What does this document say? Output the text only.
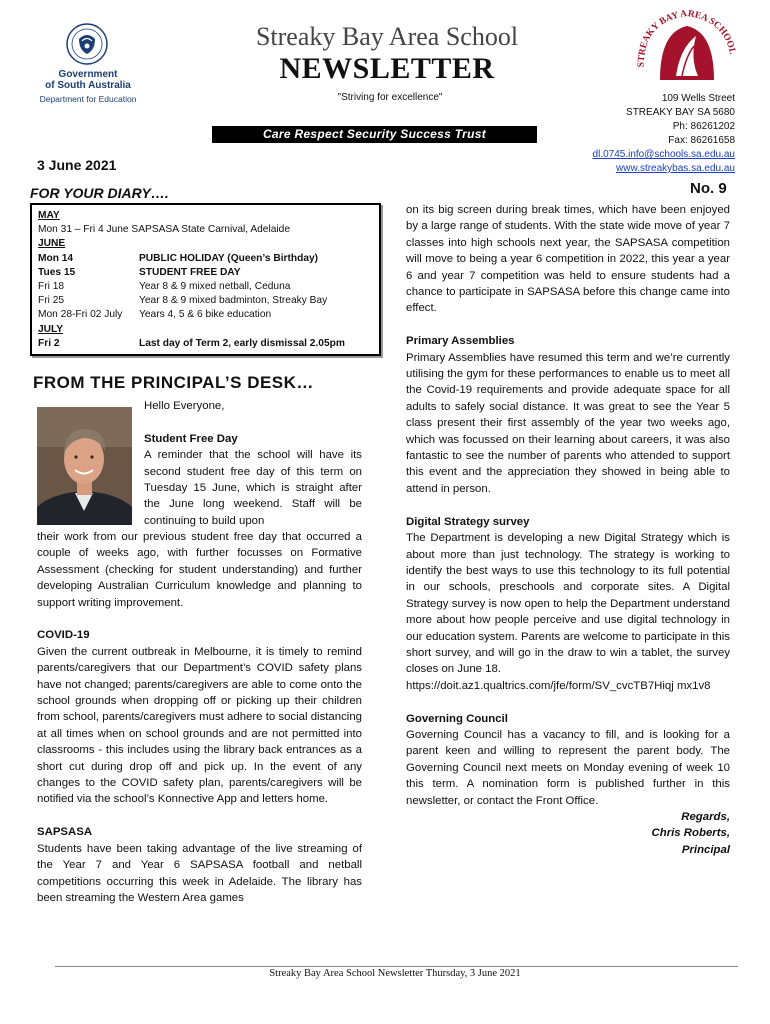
Government
of South Australia
Department for Education
Streaky Bay Area School
NEWSLETTER
"Striving for excellence"
STREAKY BAY AREA SCHOOL
Care Respect Security Success Trust
109 Wells Street
STREAKY BAY SA 5680
Ph: 86261202
Fax: 86261658
dl.0745.info@schools.sa.edu.au
www.streakybas.sa.edu.au
3 June 2021
No. 9
FOR YOUR DIARY….
MAY
Mon 31 – Fri 4 June SAPSASA State Carnival, Adelaide
JUNE
Mon 14	PUBLIC HOLIDAY (Queen’s Birthday)
Tues 15	STUDENT FREE DAY
Fri 18	Year 8 & 9 mixed netball, Ceduna
Fri 25	Year 8 & 9 mixed badminton, Streaky Bay
Mon 28-Fri 02 July	Years 4, 5 & 6 bike education
JULY
Fri 2	Last day of Term 2, early dismissal 2.05pm
FROM THE PRINCIPAL’S DESK…

Hello Everyone,

Student Free Day

A reminder that the school will have its second student free day of this term on Tuesday 15 June, which is straight after the June long weekend. Staff will be continuing to build upon

their work from our previous student free day that occurred a couple of weeks ago, with further focusses on Formative Assessment (checking for student understanding) and further developing Australian Curriculum knowledge and planning to support writing improvement.

COVID-19

Given the current outbreak in Melbourne, it is timely to remind parents/caregivers that our Department’s COVID safety plans have not changed; parents/caregivers are able to come onto the school grounds when dropping off or picking up their children from school, parents/caregivers must adhere to social distancing at all times when on school grounds and are not permitted into classrooms - this includes using the library back entrances as a short cut during drop off and pick up. In the event of any changes to the COVID safety plan, parents/caregivers will be notified via the school’s Konnective App and letters home.

SAPSASA

Students have been taking advantage of the live streaming of the Year 7 and Year 6 SAPSASA football and netball competitions occurring this week in Adelaide. The library has been streaming the Western Area games

on its big screen during break times, which have been enjoyed by a large range of students. With the state wide move of year 7 classes into high schools next year, the SAPSASA competition will move to being a year 6 competition in 2022, this year a year 6 and year 7 competition was held to ensure students had a chance to participate in SAPSASA before this change came into effect.

Primary Assemblies

Primary Assemblies have resumed this term and we’re currently utilising the gym for these performances to enable us to meet all the Covid-19 requirements and provide adequate space for all adults to safely social distance. It was great to see the Year 5 class present their first assembly of the year two weeks ago, which was focussed on their learning about careers, it was also fantastic to see the number of parents who attended to support this event and the appreciation they showed in being able to attend in person.

Digital Strategy survey

The Department is developing a new Digital Strategy which is about more than just technology. The strategy is working to identify the best ways to use this technology to its full potential in our schools, preschools and corporate sites. A Digital Strategy survey is now open to help the Department understand more about how people perceive and use digital technology in our education system. Parents are welcome to participate in this short survey, and will go in the draw to win a tablet, the survey closes on June 18.

https://doit.az1.qualtrics.com/jfe/form/SV_cvcTB7Hiqj mx1v8

Governing Council

Governing Council has a vacancy to fill, and is looking for a parent keen and willing to represent the parent body. The Governing Council next meets on Monday evening of week 10 this term. A nomination form is published further in this newsletter, or contact the Front Office.

Regards,

Chris Roberts,

Principal

Streaky Bay Area School Newsletter Thursday, 3 June 2021
